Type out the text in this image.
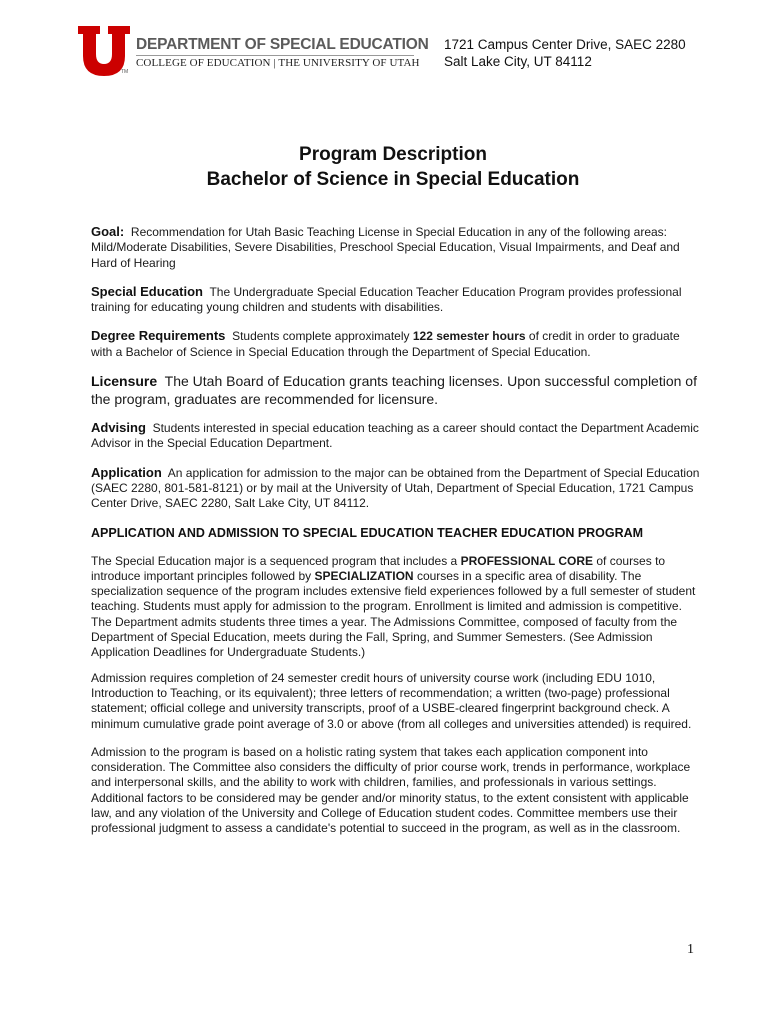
TM
DEPARTMENT OF SPECIAL EDUCATION
COLLEGE OF EDUCATION | THE UNIVERSITY OF UTAH
1721 Campus Center Drive, SAEC 2280
Salt Lake City, UT 84112
Program Description
Bachelor of Science in Special Education

Goal: Recommendation for Utah Basic Teaching License in Special Education in any of the following areas: Mild/Moderate Disabilities, Severe Disabilities, Preschool Special Education, Visual Impairments, and Deaf and Hard of Hearing

Special Education The Undergraduate Special Education Teacher Education Program provides professional training for educating young children and students with disabilities.

Degree Requirements Students complete approximately 122 semester hours of credit in order to graduate with a Bachelor of Science in Special Education through the Department of Special Education.

Licensure The Utah Board of Education grants teaching licenses. Upon successful completion of the program, graduates are recommended for licensure.

Advising Students interested in special education teaching as a career should contact the Department Academic Advisor in the Special Education Department.

Application An application for admission to the major can be obtained from the Department of Special Education (SAEC 2280, 801-581-8121) or by mail at the University of Utah, Department of Special Education, 1721 Campus Center Drive, SAEC 2280, Salt Lake City, UT 84112.

APPLICATION AND ADMISSION TO SPECIAL EDUCATION TEACHER EDUCATION PROGRAM

The Special Education major is a sequenced program that includes a PROFESSIONAL CORE of courses to introduce important principles followed by SPECIALIZATION courses in a specific area of disability. The specialization sequence of the program includes extensive field experiences followed by a full semester of student teaching. Students must apply for admission to the program. Enrollment is limited and admission is competitive. The Department admits students three times a year. The Admissions Committee, composed of faculty from the Department of Special Education, meets during the Fall, Spring, and Summer Semesters. (See Admission Application Deadlines for Undergraduate Students.)

Admission requires completion of 24 semester credit hours of university course work (including EDU 1010, Introduction to Teaching, or its equivalent); three letters of recommendation; a written (two-page) professional statement; official college and university transcripts, proof of a USBE-cleared fingerprint background check. A minimum cumulative grade point average of 3.0 or above (from all colleges and universities attended) is required.

Admission to the program is based on a holistic rating system that takes each application component into consideration. The Committee also considers the difficulty of prior course work, trends in performance, workplace and interpersonal skills, and the ability to work with children, families, and professionals in various settings. Additional factors to be considered may be gender and/or minority status, to the extent consistent with applicable law, and any violation of the University and College of Education student codes. Committee members use their professional judgment to assess a candidate's potential to succeed in the program, as well as in the classroom.

1
